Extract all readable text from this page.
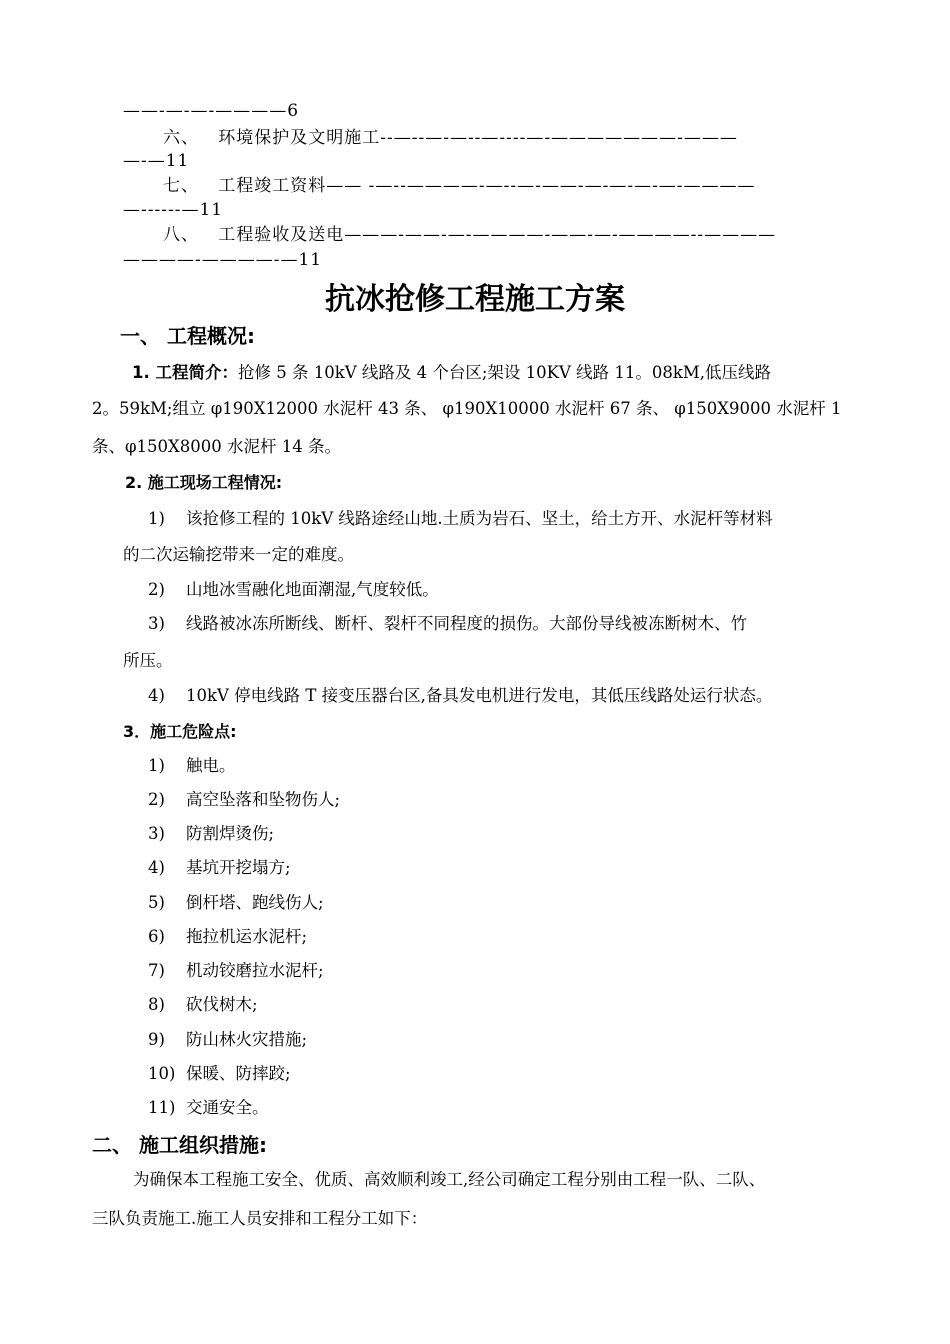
——-—-—-————6
六、 环境保护及文明施工--—--—-—--—----—-———————-———
—-—11
七、 工程竣工资料—— -—--————-—--—-——-—-—-—-—-————
—------—11
八、 工程验收及送电———-——-—-————-——-—-————--————
————-————-—11
抗冰抢修工程施工方案
一、 工程概况:
1. 工程简介：抢修 5 条 10kV 线路及 4 个台区;架设 10KV 线路 11。08kM,低压线路
2。59kM;组立 φ190X12000 水泥杆 43 条、 φ190X10000 水泥杆 67 条、 φ150X9000 水泥杆 1
条、φ150X8000 水泥杆 14 条。
2. 施工现场工程情况:
1) 该抢修工程的 10kV 线路途经山地.土质为岩石、坚土，给土方开、水泥杆等材料
的二次运输挖带来一定的难度。
2) 山地冰雪融化地面潮湿,气度较低。
3) 线路被冰冻所断线、断杆、裂杆不同程度的损伤。大部份导线被冻断树木、竹
所压。
4) 10kV 停电线路 T 接变压器台区,备具发电机进行发电，其低压线路处运行状态。
3．施工危险点:
1) 触电。
2) 高空坠落和坠物伤人;
3) 防割焊烫伤;
4) 基坑开挖塌方;
5) 倒杆塔、跑线伤人;
6) 拖拉机运水泥杆;
7) 机动铰磨拉水泥杆;
8) 砍伐树木;
9) 防山林火灾措施;
10) 保暖、防摔跤;
11) 交通安全。
二、 施工组织措施:
为确保本工程施工安全、优质、高效顺利竣工,经公司确定工程分别由工程一队、二队、
三队负责施工.施工人员安排和工程分工如下：
